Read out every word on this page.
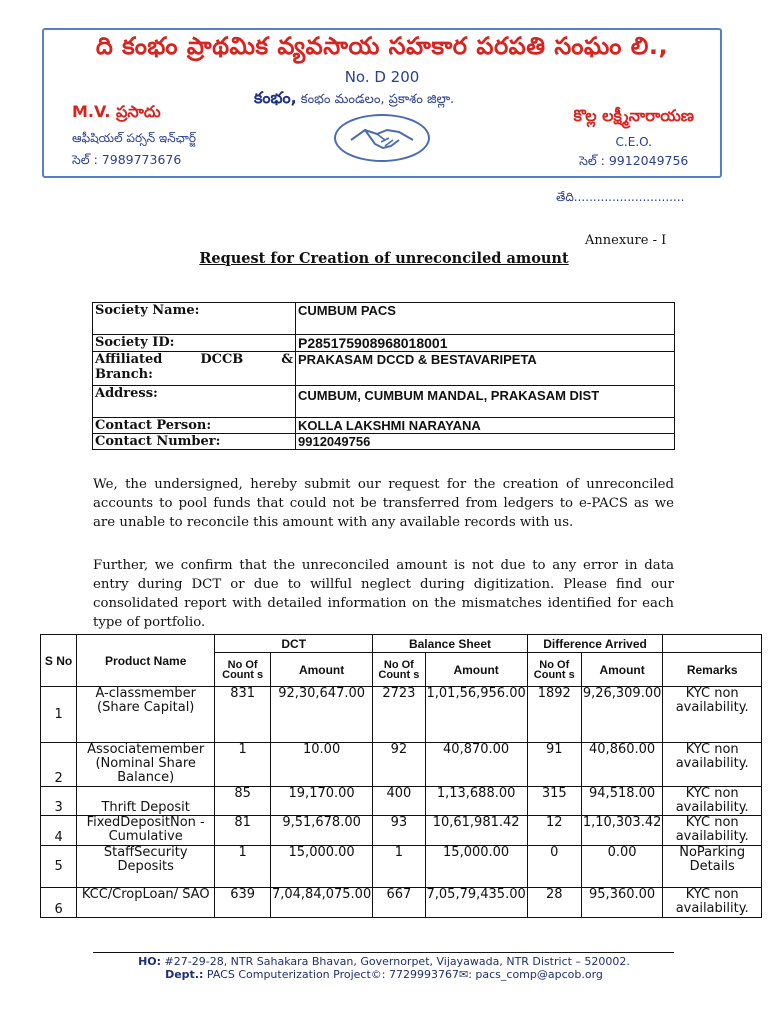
ది కంభం ప్రాథమిక వ్యవసాయ సహకార పరపతి సంఘం లి.,
No. D 200
కంభం, కంభం మండలం, ప్రకాశం జిల్లా.
M.V. ప్రసాదు
ఆఫీషియల్ పర్సన్ ఇన్‌ఛార్జ్
సెల్ : 7989773676
కొల్ల లక్ష్మీనారాయణ
C.E.O.
సెల్ : 9912049756
తేది.............................
Annexure - I
Request for Creation of unreconciled amount
Society Name:	CUMBUM PACS
Society ID:	P285175908968018001

Affiliated DCCB &
Branch:	PRAKASAM DCCD & BESTAVARIPETA
Address:	CUMBUM, CUMBUM MANDAL, PRAKASAM DIST
Contact Person:	KOLLA LAKSHMI NARAYANA
Contact Number:	9912049756
We, the undersigned, hereby submit our request for the creation of unreconciled accounts to pool funds that could not be transferred from ledgers to e-PACS as we are unable to reconcile this amount with any available records with us.
Further, we confirm that the unreconciled amount is not due to any error in data entry during DCT or due to willful neglect during digitization. Please find our consolidated report with detailed information on the mismatches identified for each type of portfolio.
S No	Product Name	DCT		Balance Sheet		Difference Arrived		
		No Of Count s	Amount	No Of Count s	Amount	No Of Count s	Amount	Remarks
1	A-classmember (Share Capital)	831	92,30,647.00	2723	1,01,56,956.00	1892	9,26,309.00	KYC non availability.
2	Associatemember (Nominal Share Balance)	1	10.00	92	40,870.00	91	40,860.00	KYC non availability.
3	Thrift Deposit	85	19,170.00	400	1,13,688.00	315	94,518.00	KYC non availability.
4	FixedDepositNon - Cumulative	81	9,51,678.00	93	10,61,981.42	12	1,10,303.42	KYC non availability.
5	StaffSecurity Deposits	1	15,000.00	1	15,000.00	0	0.00	NoParking Details
6	KCC/CropLoan/ SAO	639	7,04,84,075.00	667	7,05,79,435.00	28	95,360.00	KYC non availability.
HO: #27-29-28, NTR Sahakara Bhavan, Governorpet, Vijayawada, NTR District – 520002.
Dept.: PACS Computerization Project©: 7729993767✉: pacs_comp@apcob.org
